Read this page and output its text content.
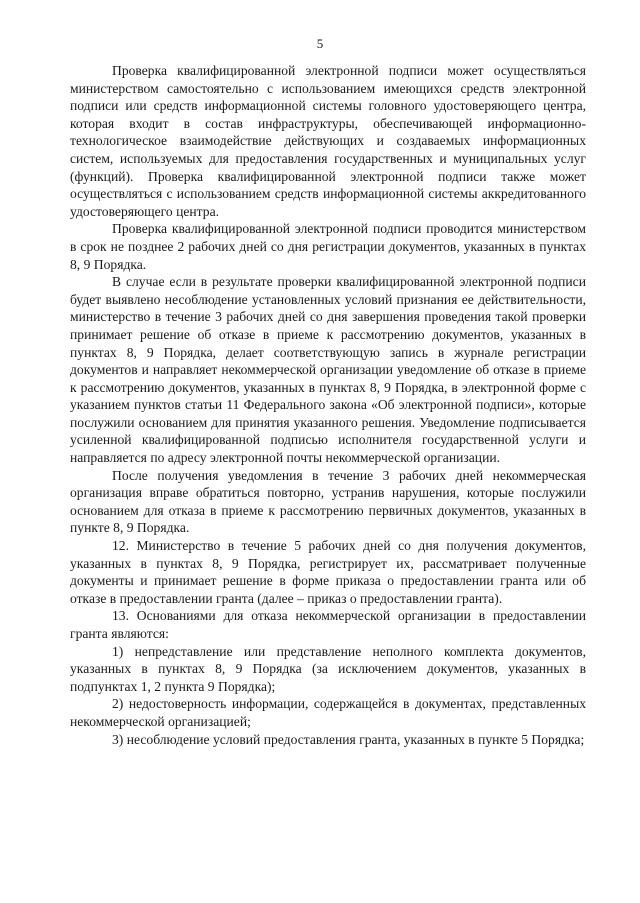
5

Проверка квалифицированной электронной подписи может осуществляться министерством самостоятельно с использованием имеющихся средств электронной подписи или средств информационной системы головного удостоверяющего центра, которая входит в состав инфраструктуры, обеспечивающей информационно-технологическое взаимодействие действующих и создаваемых информационных систем, используемых для предоставления государственных и муниципальных услуг (функций). Проверка квалифицированной электронной подписи также может осуществляться с использованием средств информационной системы аккредитованного удостоверяющего центра.

Проверка квалифицированной электронной подписи проводится министерством в срок не позднее 2 рабочих дней со дня регистрации документов, указанных в пунктах 8, 9 Порядка.

В случае если в результате проверки квалифицированной электронной подписи будет выявлено несоблюдение установленных условий признания ее действительности, министерство в течение 3 рабочих дней со дня завершения проведения такой проверки принимает решение об отказе в приеме к рассмотрению документов, указанных в пунктах 8, 9 Порядка, делает соответствующую запись в журнале регистрации документов и направляет некоммерческой организации уведомление об отказе в приеме к рассмотрению документов, указанных в пунктах 8, 9 Порядка, в электронной форме с указанием пунктов статьи 11 Федерального закона «Об электронной подписи», которые послужили основанием для принятия указанного решения. Уведомление подписывается усиленной квалифицированной подписью исполнителя государственной услуги и направляется по адресу электронной почты некоммерческой организации.

После получения уведомления в течение 3 рабочих дней некоммерческая организация вправе обратиться повторно, устранив нарушения, которые послужили основанием для отказа в приеме к рассмотрению первичных документов, указанных в пункте 8, 9 Порядка.

12. Министерство в течение 5 рабочих дней со дня получения документов, указанных в пунктах 8, 9 Порядка, регистрирует их, рассматривает полученные документы и принимает решение в форме приказа о предоставлении гранта или об отказе в предоставлении гранта (далее – приказ о предоставлении гранта).

13. Основаниями для отказа некоммерческой организации в предоставлении гранта являются:

1) непредставление или представление неполного комплекта документов, указанных в пунктах 8, 9 Порядка (за исключением документов, указанных в подпунктах 1, 2 пункта 9 Порядка);

2) недостоверность информации, содержащейся в документах, представленных некоммерческой организацией;

3) несоблюдение условий предоставления гранта, указанных в пункте 5 Порядка;
